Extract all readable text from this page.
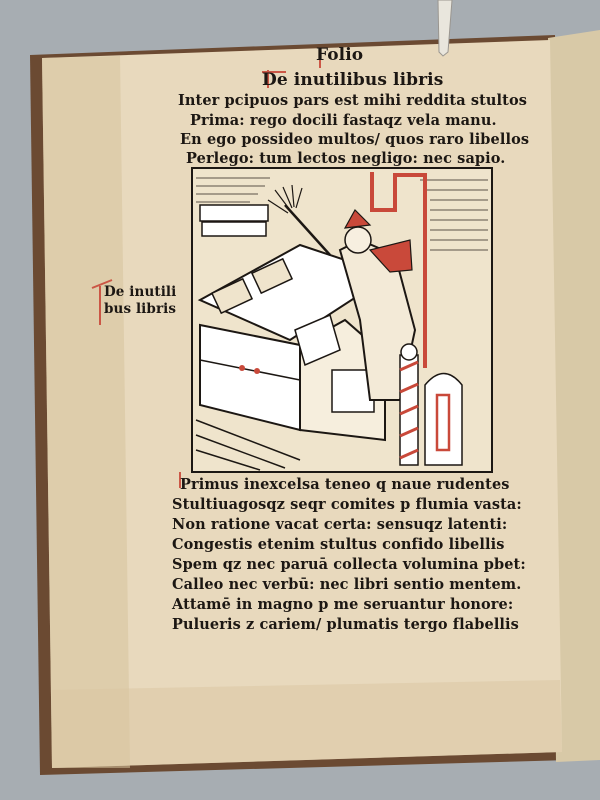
Folio
De inutilibus libris
Inter pcipuos pars est mihi reddita stultos
Prima: rego docili fastaqz vela manu.
En ego possideo multos/ quos raro libellos
Perlego: tum lectos negligo: nec sapio.
De inutili
bus libris
Primus inexcelsa teneo q naue rudentes
Stultiuagosqz seqr comites p flumia vasta:
Non ratione vacat certa: sensuqz latenti:
Congestis etenim stultus confido libellis
Spem qz nec paruā collecta volumina pbet:
Calleo nec verbū: nec libri sentio mentem.
Attamē in magno p me seruantur honore:
Pulueris z cariem/ plumatis tergo flabellis
